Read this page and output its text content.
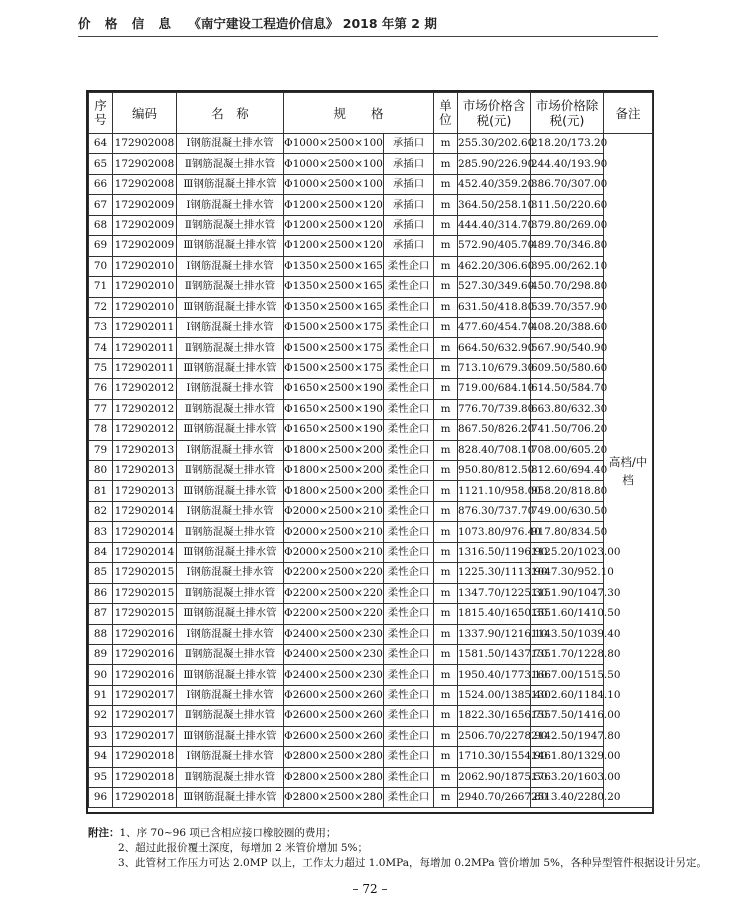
价 格 信 息 《南宁建设工程造价信息》 2018 年第 2 期
序号	编码	名　称	规　　格		单位	市场价格含税(元)	市场价格除税(元)	备注
64	172902008	Ⅰ钢筋混凝土排水管	Φ1000×2500×100	承插口	m	255.30/202.60	218.20/173.20	高档/中档
65	172902008	Ⅱ钢筋混凝土排水管	Φ1000×2500×100	承插口	m	285.90/226.90	244.40/193.90	
66	172902008	Ⅲ钢筋混凝土排水管	Φ1000×2500×100	承插口	m	452.40/359.20	386.70/307.00	
67	172902009	Ⅰ钢筋混凝土排水管	Φ1200×2500×120	承插口	m	364.50/258.10	311.50/220.60	
68	172902009	Ⅱ钢筋混凝土排水管	Φ1200×2500×120	承插口	m	444.40/314.70	379.80/269.00	
69	172902009	Ⅲ钢筋混凝土排水管	Φ1200×2500×120	承插口	m	572.90/405.70	489.70/346.80	
70	172902010	Ⅰ钢筋混凝土排水管	Φ1350×2500×165	柔性企口	m	462.20/306.60	395.00/262.10	
71	172902010	Ⅱ钢筋混凝土排水管	Φ1350×2500×165	柔性企口	m	527.30/349.60	450.70/298.80	
72	172902010	Ⅲ钢筋混凝土排水管	Φ1350×2500×165	柔性企口	m	631.50/418.80	539.70/357.90	
73	172902011	Ⅰ钢筋混凝土排水管	Φ1500×2500×175	柔性企口	m	477.60/454.70	408.20/388.60	
74	172902011	Ⅱ钢筋混凝土排水管	Φ1500×2500×175	柔性企口	m	664.50/632.90	567.90/540.90	
75	172902011	Ⅲ钢筋混凝土排水管	Φ1500×2500×175	柔性企口	m	713.10/679.30	609.50/580.60	
76	172902012	Ⅰ钢筋混凝土排水管	Φ1650×2500×190	柔性企口	m	719.00/684.10	614.50/584.70	
77	172902012	Ⅱ钢筋混凝土排水管	Φ1650×2500×190	柔性企口	m	776.70/739.80	663.80/632.30	
78	172902012	Ⅲ钢筋混凝土排水管	Φ1650×2500×190	柔性企口	m	867.50/826.20	741.50/706.20	
79	172902013	Ⅰ钢筋混凝土排水管	Φ1800×2500×200	柔性企口	m	828.40/708.10	708.00/605.20	
80	172902013	Ⅱ钢筋混凝土排水管	Φ1800×2500×200	柔性企口	m	950.80/812.50	812.60/694.40	
81	172902013	Ⅲ钢筋混凝土排水管	Φ1800×2500×200	柔性企口	m	1121.10/958.00	958.20/818.80	
82	172902014	Ⅰ钢筋混凝土排水管	Φ2000×2500×210	柔性企口	m	876.30/737.70	749.00/630.50	
83	172902014	Ⅱ钢筋混凝土排水管	Φ2000×2500×210	柔性企口	m	1073.80/976.40	917.80/834.50	
84	172902014	Ⅲ钢筋混凝土排水管	Φ2000×2500×210	柔性企口	m	1316.50/1196.90	1125.20/1023.00	
85	172902015	Ⅰ钢筋混凝土排水管	Φ2200×2500×220	柔性企口	m	1225.30/1113.90	1047.30/952.10	
86	172902015	Ⅱ钢筋混凝土排水管	Φ2200×2500×220	柔性企口	m	1347.70/1225.30	1151.90/1047.30	
87	172902015	Ⅲ钢筋混凝土排水管	Φ2200×2500×220	柔性企口	m	1815.40/1650.30	1551.60/1410.50	
88	172902016	Ⅰ钢筋混凝土排水管	Φ2400×2500×230	柔性企口	m	1337.90/1216.10	1143.50/1039.40	
89	172902016	Ⅱ钢筋混凝土排水管	Φ2400×2500×230	柔性企口	m	1581.50/1437.70	1351.70/1228.80	
90	172902016	Ⅲ钢筋混凝土排水管	Φ2400×2500×230	柔性企口	m	1950.40/1773.10	1667.00/1515.50	
91	172902017	Ⅰ钢筋混凝土排水管	Φ2600×2500×260	柔性企口	m	1524.00/1385.40	1302.60/1184.10	
92	172902017	Ⅱ钢筋混凝土排水管	Φ2600×2500×260	柔性企口	m	1822.30/1656.70	1557.50/1416.00	
93	172902017	Ⅲ钢筋混凝土排水管	Φ2600×2500×260	柔性企口	m	2506.70/2278.90	2142.50/1947.80	
94	172902018	Ⅰ钢筋混凝土排水管	Φ2800×2500×280	柔性企口	m	1710.30/1554.90	1461.80/1329.00	
95	172902018	Ⅱ钢筋混凝土排水管	Φ2800×2500×280	柔性企口	m	2062.90/1875.50	1763.20/1603.00	
96	172902018	Ⅲ钢筋混凝土排水管	Φ2800×2500×280	柔性企口	m	2940.70/2667.80	2513.40/2280.20	
附注：1、序 70~96 项已含相应接口橡胶圈的费用；
2、超过此报价覆土深度，每增加 2 米管价增加 5%；
3、此管材工作压力可达 2.0MP 以上，工作太力超过 1.0MPa，每增加 0.2MPa 管价增加 5%，各种异型管件根据设计另定。
– 72 –
